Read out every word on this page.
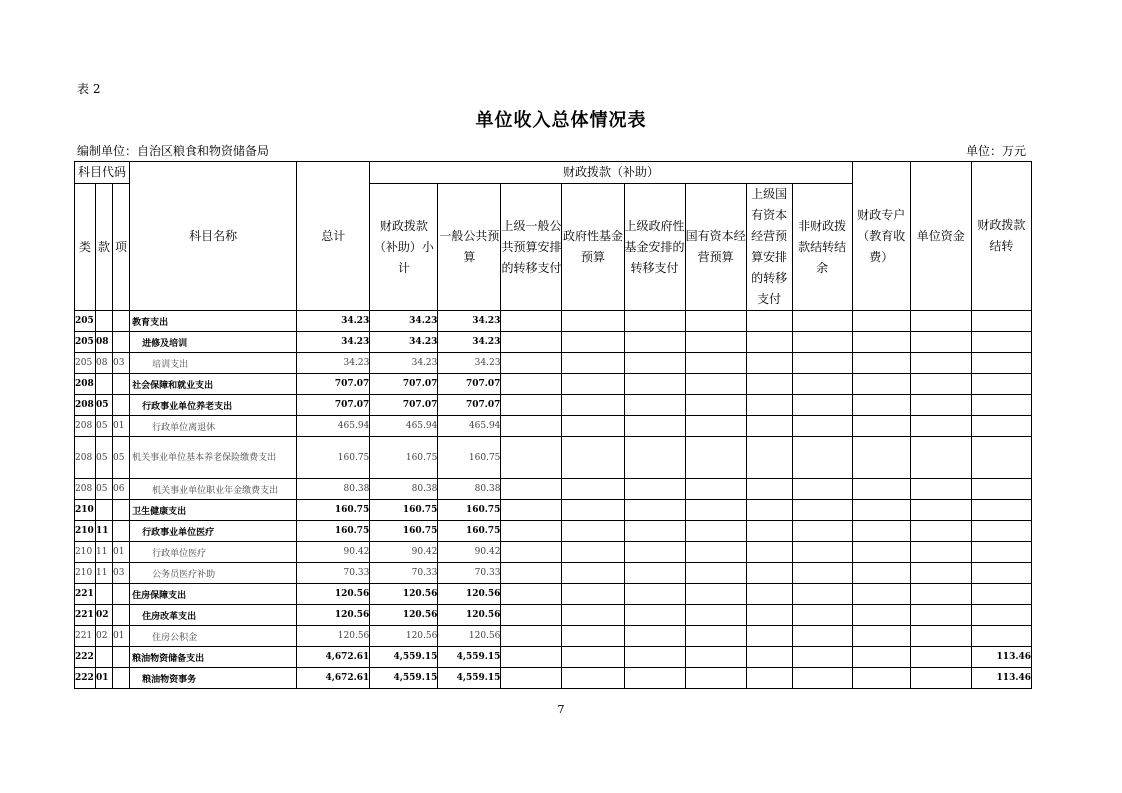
表 2
单位收入总体情况表
编制单位：自治区粮食和物资储备局	单位：万元
科目代码			科目名称	总计	财政拨款（补助）								财政专户（教育收费）	单位资金	财政拨款结转
类	款	项			财政拨款（补助）小计	一般公共预算	上级一般公共预算安排的转移支付	政府性基金预算	上级政府性基金安排的转移支付	国有资本经营预算	上级国有资本经营预算安排的转移支付	非财政拨款结转结余			
205			教育支出	34.23	34.23	34.23									
205	08		进修及培训	34.23	34.23	34.23									
205	08	03	培训支出	34.23	34.23	34.23									
208			社会保障和就业支出	707.07	707.07	707.07									
208	05		行政事业单位养老支出	707.07	707.07	707.07									
208	05	01	行政单位离退休	465.94	465.94	465.94									
208	05	05	机关事业单位基本养老保险缴费支出	160.75	160.75	160.75									
208	05	06	机关事业单位职业年金缴费支出	80.38	80.38	80.38									
210			卫生健康支出	160.75	160.75	160.75									
210	11		行政事业单位医疗	160.75	160.75	160.75									
210	11	01	行政单位医疗	90.42	90.42	90.42									
210	11	03	公务员医疗补助	70.33	70.33	70.33									
221			住房保障支出	120.56	120.56	120.56									
221	02		住房改革支出	120.56	120.56	120.56									
221	02	01	住房公积金	120.56	120.56	120.56									
222			粮油物资储备支出	4,672.61	4,559.15	4,559.15									113.46
222	01		粮油物资事务	4,672.61	4,559.15	4,559.15									113.46
7
